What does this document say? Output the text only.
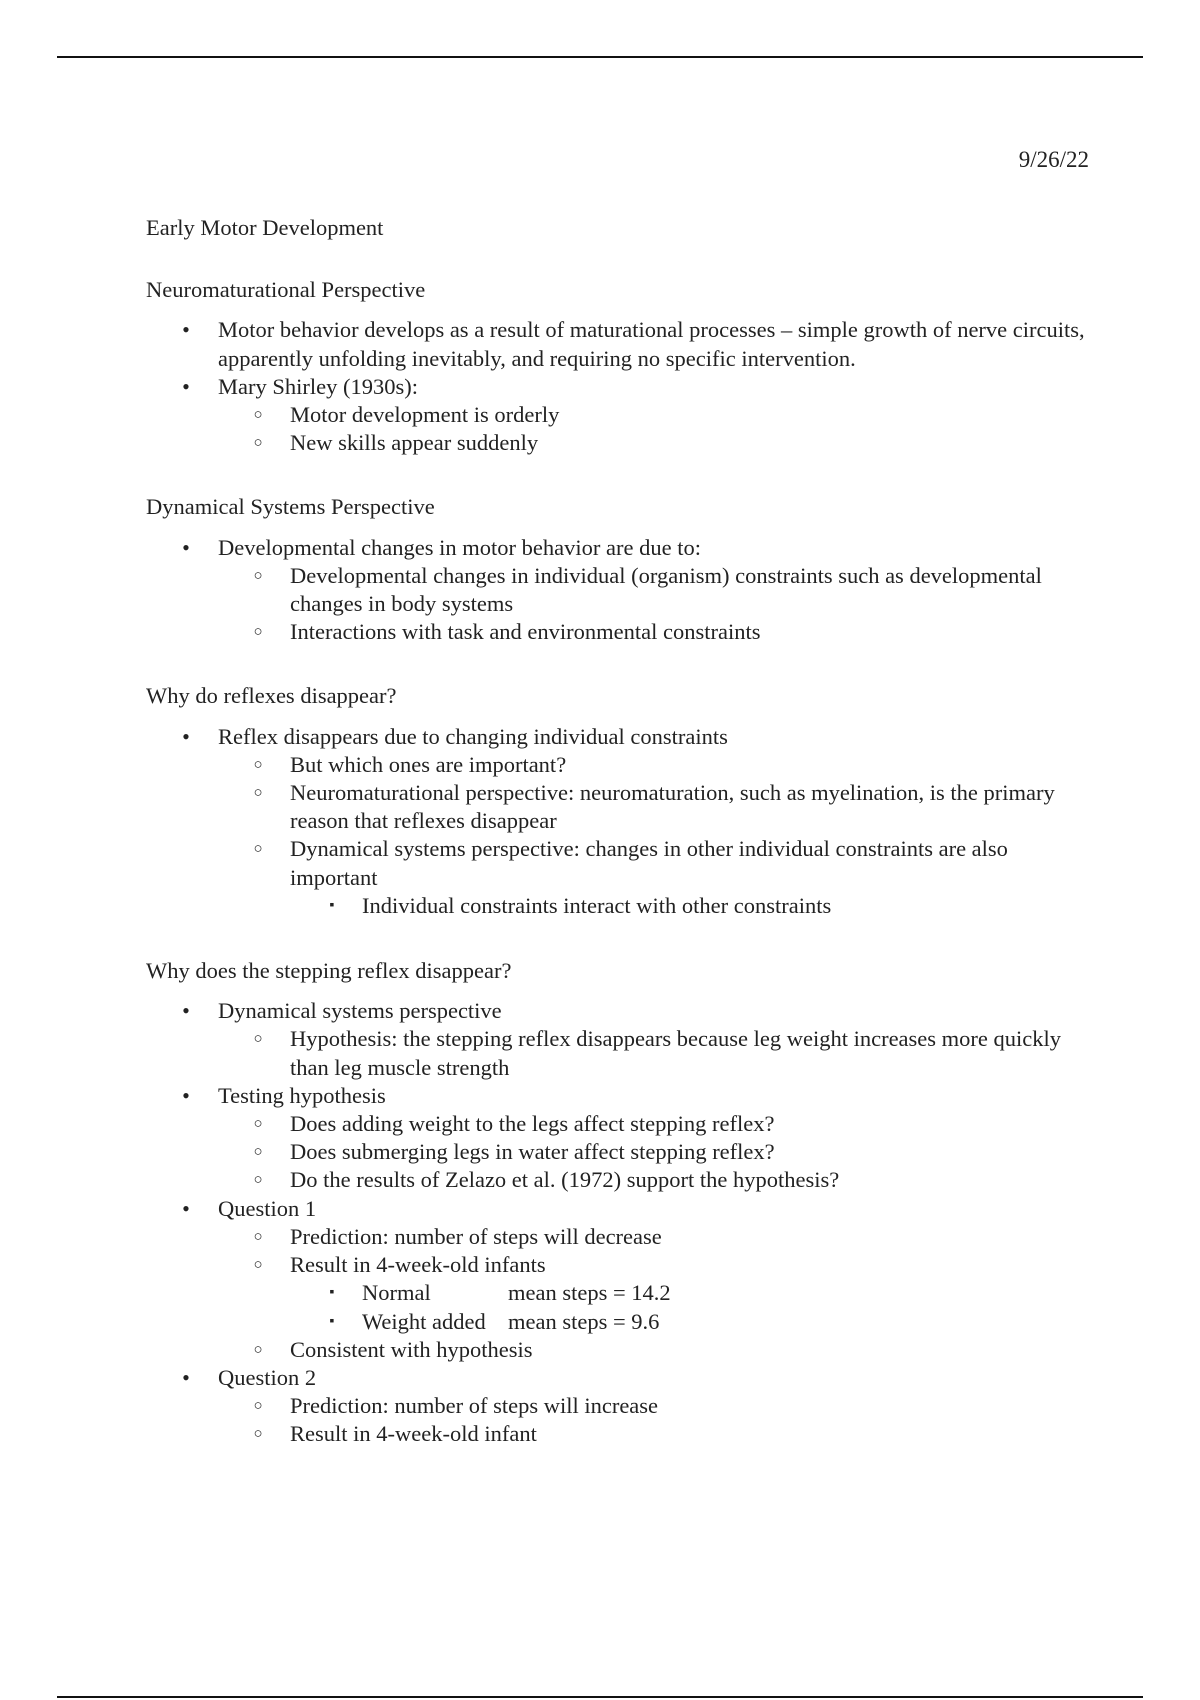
9/26/22
Early Motor Development
Neuromaturational Perspective
• Motor behavior develops as a result of maturational processes – simple growth of nerve circuits, apparently unfolding inevitably, and requiring no specific intervention.
• Mary Shirley (1930s):
○ Motor development is orderly
○ New skills appear suddenly
Dynamical Systems Perspective
• Developmental changes in motor behavior are due to:
○ Developmental changes in individual (organism) constraints such as developmental changes in body systems
○ Interactions with task and environmental constraints
Why do reflexes disappear?
• Reflex disappears due to changing individual constraints
○ But which ones are important?
○ Neuromaturational perspective: neuromaturation, such as myelination, is the primary reason that reflexes disappear
○ Dynamical systems perspective: changes in other individual constraints are also important
▪ Individual constraints interact with other constraints
Why does the stepping reflex disappear?
• Dynamical systems perspective
○ Hypothesis: the stepping reflex disappears because leg weight increases more quickly than leg muscle strength
• Testing hypothesis
○ Does adding weight to the legs affect stepping reflex?
○ Does submerging legs in water affect stepping reflex?
○ Do the results of Zelazo et al. (1972) support the hypothesis?
• Question 1
○ Prediction: number of steps will decrease
○ Result in 4-week-old infants
▪ Normal	mean steps = 14.2
▪ Weight added mean steps = 9.6
○ Consistent with hypothesis
• Question 2
○ Prediction: number of steps will increase
○ Result in 4-week-old infant
